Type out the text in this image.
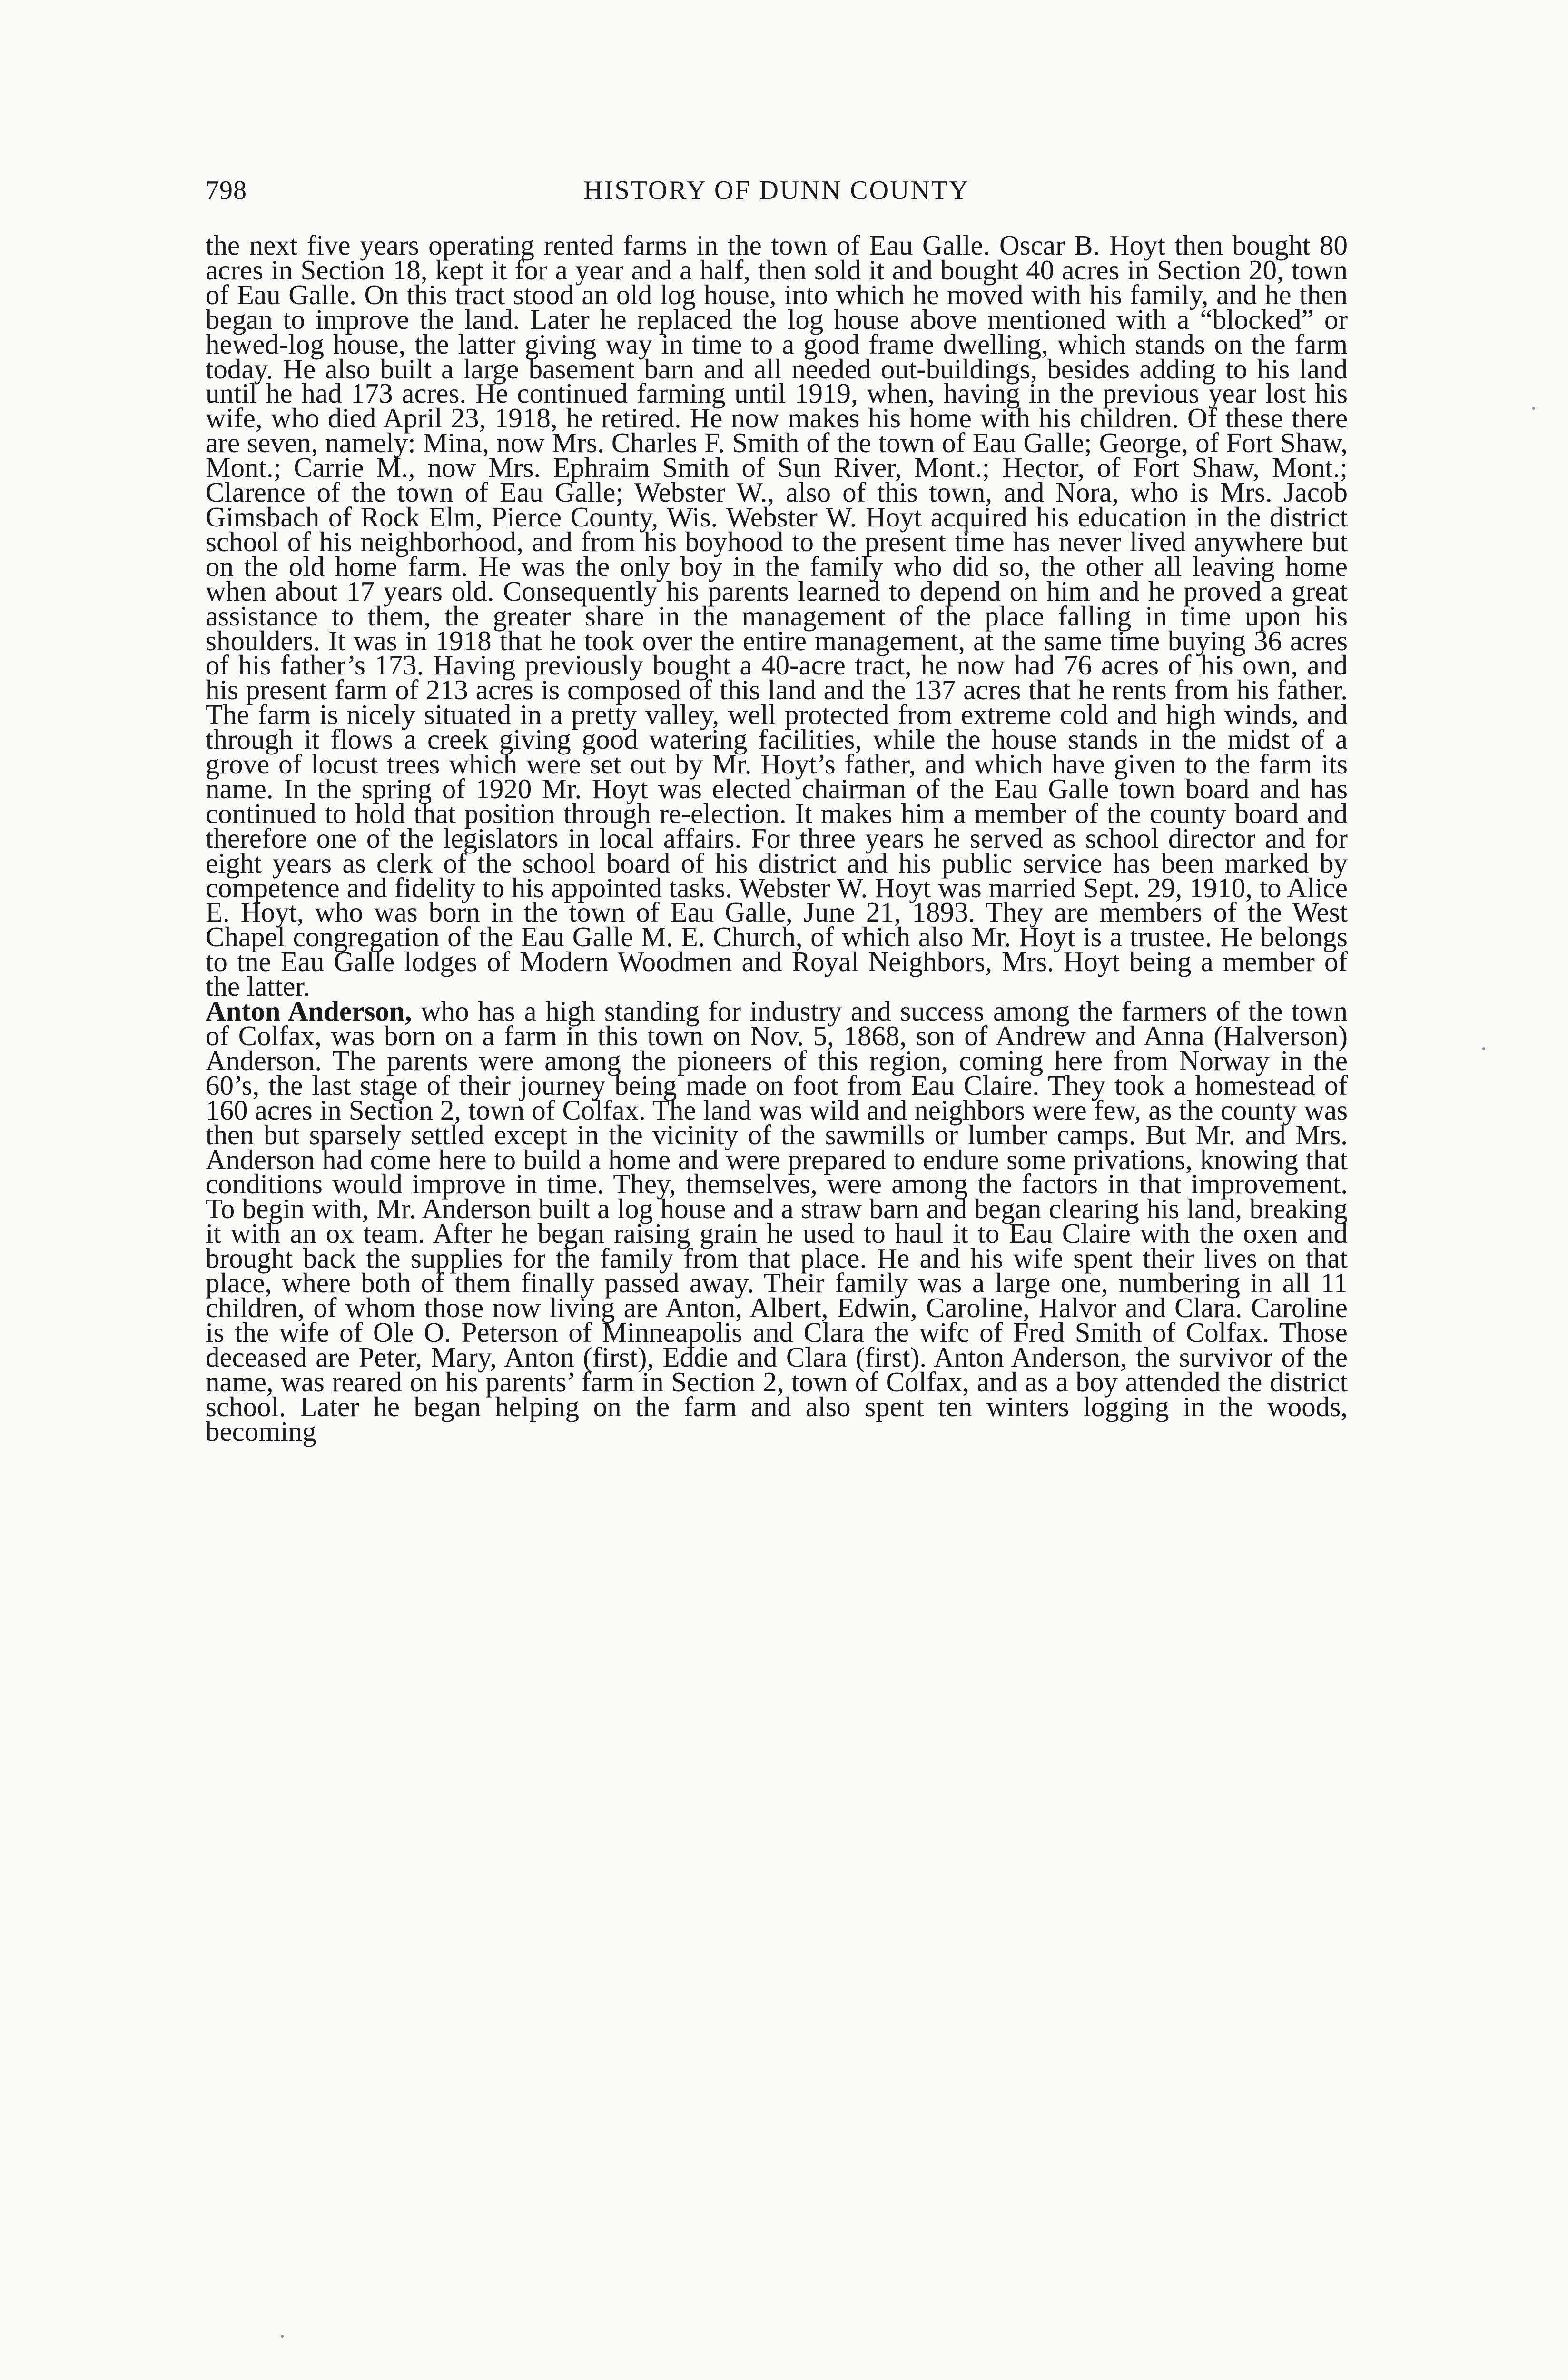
798	HISTORY OF DUNN COUNTY

the next five years operating rented farms in the town of Eau Galle. Oscar B. Hoyt then bought 80 acres in Section 18, kept it for a year and a half, then sold it and bought 40 acres in Section 20, town of Eau Galle. On this tract stood an old log house, into which he moved with his family, and he then began to improve the land. Later he replaced the log house above mentioned with a “blocked” or hewed-log house, the latter giving way in time to a good frame dwelling, which stands on the farm today. He also built a large basement barn and all needed out-buildings, besides adding to his land until he had 173 acres. He continued farming until 1919, when, having in the previous year lost his wife, who died April 23, 1918, he retired. He now makes his home with his children. Of these there are seven, namely: Mina, now Mrs. Charles F. Smith of the town of Eau Galle; George, of Fort Shaw, Mont.; Carrie M., now Mrs. Ephraim Smith of Sun River, Mont.; Hector, of Fort Shaw, Mont.; Clarence of the town of Eau Galle; Webster W., also of this town, and Nora, who is Mrs. Jacob Gimsbach of Rock Elm, Pierce County, Wis. Webster W. Hoyt acquired his education in the district school of his neighborhood, and from his boyhood to the present time has never lived anywhere but on the old home farm. He was the only boy in the family who did so, the other all leaving home when about 17 years old. Consequently his parents learned to depend on him and he proved a great assistance to them, the greater share in the management of the place falling in time upon his shoulders. It was in 1918 that he took over the entire management, at the same time buying 36 acres of his father’s 173. Having previously bought a 40-acre tract, he now had 76 acres of his own, and his present farm of 213 acres is composed of this land and the 137 acres that he rents from his father. The farm is nicely situated in a pretty valley, well protected from extreme cold and high winds, and through it flows a creek giving good watering facilities, while the house stands in the midst of a grove of locust trees which were set out by Mr. Hoyt’s father, and which have given to the farm its name. In the spring of 1920 Mr. Hoyt was elected chairman of the Eau Galle town board and has continued to hold that position through re-election. It makes him a member of the county board and therefore one of the legislators in local affairs. For three years he served as school director and for eight years as clerk of the school board of his district and his public service has been marked by competence and fidelity to his appointed tasks. Webster W. Hoyt was married Sept. 29, 1910, to Alice E. Hoyt, who was born in the town of Eau Galle, June 21, 1893. They are members of the West Chapel congregation of the Eau Galle M. E. Church, of which also Mr. Hoyt is a trustee. He belongs to tne Eau Galle lodges of Modern Woodmen and Royal Neighbors, Mrs. Hoyt being a member of the latter.

Anton Anderson, who has a high standing for industry and success among the farmers of the town of Colfax, was born on a farm in this town on Nov. 5, 1868, son of Andrew and Anna (Halverson) Anderson. The parents were among the pioneers of this region, coming here from Norway in the 60’s, the last stage of their journey being made on foot from Eau Claire. They took a homestead of 160 acres in Section 2, town of Colfax. The land was wild and neighbors were few, as the county was then but sparsely settled except in the vicinity of the sawmills or lumber camps. But Mr. and Mrs. Anderson had come here to build a home and were prepared to endure some privations, knowing that conditions would improve in time. They, themselves, were among the factors in that improvement. To begin with, Mr. Anderson built a log house and a straw barn and began clearing his land, breaking it with an ox team. After he began raising grain he used to haul it to Eau Claire with the oxen and brought back the supplies for the family from that place. He and his wife spent their lives on that place, where both of them finally passed away. Their family was a large one, numbering in all 11 children, of whom those now living are Anton, Albert, Edwin, Caroline, Halvor and Clara. Caroline is the wife of Ole O. Peterson of Minneapolis and Clara the wifc of Fred Smith of Colfax. Those deceased are Peter, Mary, Anton (first), Eddie and Clara (first). Anton Anderson, the survivor of the name, was reared on his parents’ farm in Section 2, town of Colfax, and as a boy attended the district school. Later he began helping on the farm and also spent ten winters logging in the woods, becoming
